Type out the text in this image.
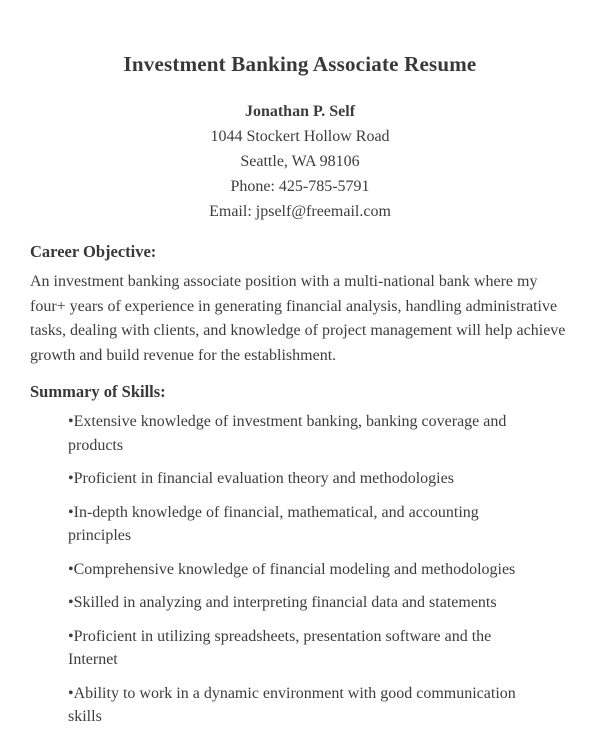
Investment Banking Associate Resume
Jonathan P. Self
1044 Stockert Hollow Road
Seattle, WA 98106
Phone: 425-785-5791
Email: jpself@freemail.com
Career Objective:

An investment banking associate position with a multi-national bank where my four+ years of experience in generating financial analysis, handling administrative tasks, dealing with clients, and knowledge of project management will help achieve growth and build revenue for the establishment.

Summary of Skills:
• Extensive knowledge of investment banking, banking coverage and products
• Proficient in financial evaluation theory and methodologies
• In-depth knowledge of financial, mathematical, and accounting principles
• Comprehensive knowledge of financial modeling and methodologies
• Skilled in analyzing and interpreting financial data and statements
• Proficient in utilizing spreadsheets, presentation software and the Internet
• Ability to work in a dynamic environment with good communication skills
